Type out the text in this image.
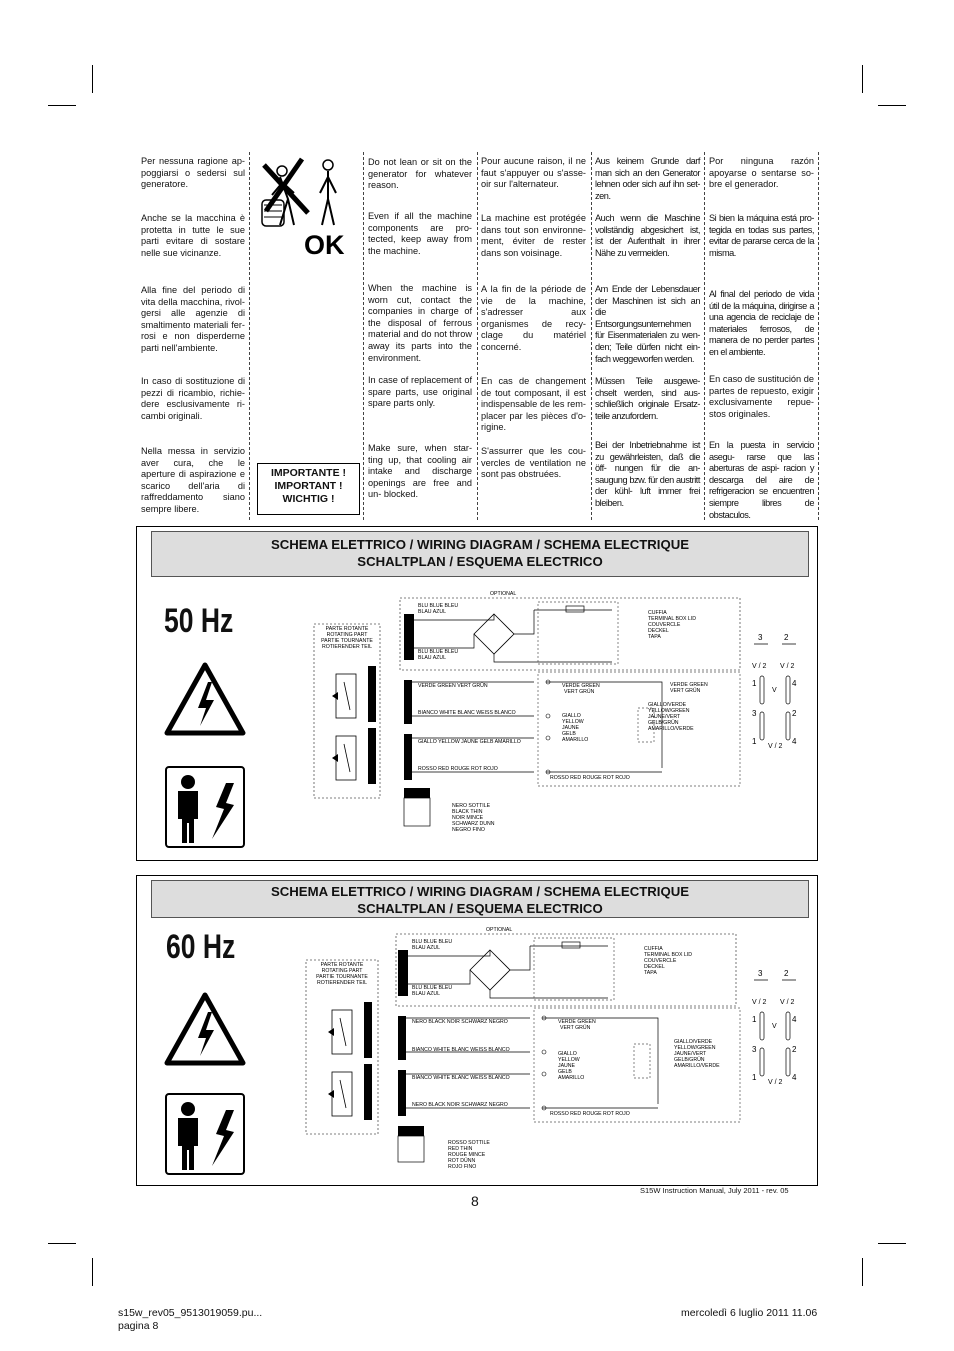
Per nessuna ragione ap- poggiarsi o sedersi sul generatore.
Anche se la macchina è protetta in tutte le sue parti evitare di sostare nelle sue vicinanze.
Alla fine del periodo di vita della macchina, rivol- gersi alle agenzie di smaltimento materiali fer- rosi e non disperderne parti nell'ambiente.
In caso di sostituzione di pezzi di ricambio, richie- dere esclusivamente ri- cambi originali.
Nella messa in servizio aver cura, che le aperture di aspirazione e scarico dell'aria di raffreddamento siano sempre libere.
Do not lean or sit on the generator for whatever reason.
Even if all the machine components are pro- tected, keep away from the machine.
When the machine is worn cut, contact the companies in charge of the disposal of ferrous material and do not throw away its parts into the environment.
In case of replacement of spare parts, use original spare parts only.
Make sure, when star- ting up, that cooling air intake and discharge openings are free and un- blocked.
Pour aucune raison, il ne faut s'appuyer ou s'asse- oir sur l'alternateur.
La machine est protégée dans tout son environne- ment, éviter de rester dans son voisinage.
A la fin de la période de vie de la machine, s'adresser aux organismes de recy- clage du matériel concerné.
En cas de changement de tout composant, il est indispensable de les rem- placer par les pièces d'o- rigine.
S'assurrer que les cou- vercles de ventilation ne sont pas obstruées.
Aus keinem Grunde darf man sich an den Generator lehnen oder sich auf ihn set- zen.
Auch wenn die Maschine vollständig abgesichert ist, ist der Aufenthalt in ihrer Nähe zu vermeiden.
Am Ende der Lebensdauer der Maschinen ist sich an die Entsorgungsunternehmen für Eisenmaterialen zu wen- den; Teile dürfen nicht ein- fach weggeworfen werden.
Müssen Teile ausgewe- chselt werden, sind aus- schließlich originale Ersatz- teile anzufordern.
Bei der Inbetriebnahme ist zu gewährleisten, daß die öff- nungen für die an-saugung bzw. für den austritt der kühl- luft immer frei bleiben.
Por ninguna razón apoyarse o sentarse so- bre el generador.
Si bien la máquina está pro- tegida en todas sus partes, evitar de pararse cerca de la misma.
Al final del periodo de vida útil de la máquina, dirigirse a una agencia de reciclaje de materiales ferrosos, de manera de no perder partes en el ambiente.
En caso de sustitución de partes de repuesto, exigir exclusivamente repue- stos originales.
En la puesta in servicio asegu- rarse que las aberturas de aspi- racion y descarga del aire de refrigeracion se encuentren siempre libres de obstaculos.
OK
IMPORTANTE !
IMPORTANT !
WICHTIG !
SCHEMA ELETTRICO / WIRING DIAGRAM / SCHEMA ELECTRIQUE
SCHALTPLAN / ESQUEMA ELECTRICO
50 Hz	PARTE ROTANTE
ROTATING PART
PARTIE TOURNANTE
ROTIERENDER TEIL
OPTIONAL
BLU BLUE BLEU
BLAU AZUL
BLU BLUE BLEU
BLAU AZUL
CUFFIA
TERMINAL BOX LID
COUVERCLE
DECKEL
TAPA
VERDE GREEN VERT GRÜN
BIANCO WHITE BLANC WEISS BLANCO
GIALLO YELLOW JAUNE GELB AMARILLO
ROSSO RED ROUGE ROT ROJO
VERDE GREEN
VERT GRÜN
GIALLO
YELLOW
JAUNE
GELB
AMARILLO
ROSSO RED ROUGE ROT ROJO
VERDE GREEN
VERT GRÜN
GIALLO/VERDE
YELLOW/GREEN
JAUNE/VERT
GELB/GRÜN
AMARILLO/VERDE
3	2
V / 2 V / 2
1	4
V
3	2
1	4
V / 2
NERO SOTTILE
BLACK THIN
NOIR MINCE
SCHWARZ DUNN
NEGRO FINO
SCHEMA ELETTRICO / WIRING DIAGRAM / SCHEMA ELECTRIQUE
SCHALTPLAN / ESQUEMA ELECTRICO
60 Hz	PARTE ROTANTE
ROTATING PART
PARTIE TOURNANTE
ROTIERENDER TEIL
OPTIONAL
BLU BLUE BLEU
BLAU AZUL
BLU BLUE BLEU
BLAU AZUL
CUFFIA
TERMINAL BOX LID
COUVERCLE
DECKEL
TAPA
NERO BLACK NOIR SCHWARZ NEGRO
BIANCO WHITE BLANC WEISS BLANCO
BIANCO WHITE BLANC WEISS BLANCO
NERO BLACK NOIR SCHWARZ NEGRO
VERDE GREEN
VERT GRÜN
GIALLO
YELLOW
JAUNE
GELB
AMARILLO
ROSSO RED ROUGE ROT ROJO
GIALLO/VERDE
YELLOW/GREEN
JAUNE/VERT
GELB/GRÜN
AMARILLO/VERDE
3	2
V / 2 V / 2
1	4
V
3	2
1	4
V / 2
ROSSO SOTTILE
RED THIN
ROUGE MINCE
ROT DÜNN
ROJO FINO
S15W Instruction Manual, July 2011 - rev. 05
8
s15w_rev05_9513019059.pu...
pagina 8
mercoledì 6 luglio 2011 11.06
